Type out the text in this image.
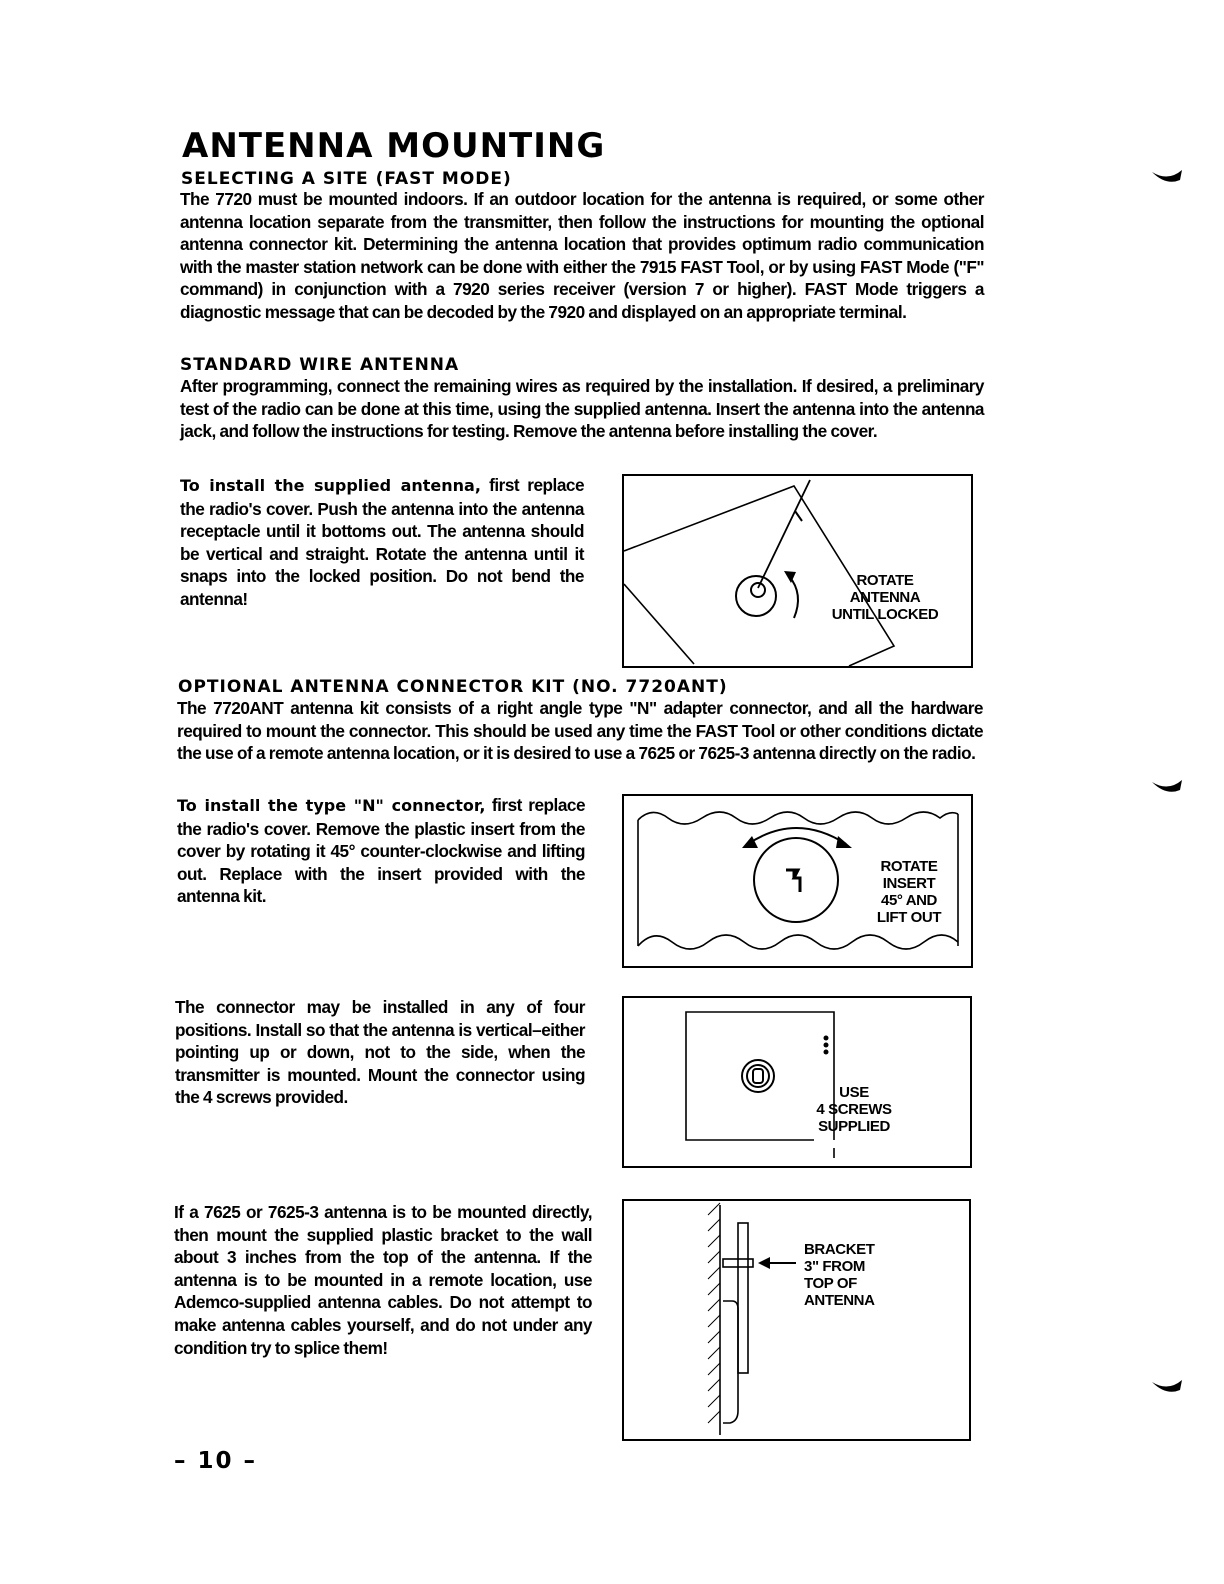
ANTENNA MOUNTING
SELECTING A SITE (FAST MODE)
The 7720 must be mounted indoors. If an outdoor location for the antenna is required, or some other antenna location separate from the transmitter, then follow the instructions for mounting the optional antenna connector kit. Determining the antenna location that provides optimum radio communication with the master station network can be done with either the 7915 FAST Tool, or by using FAST Mode ("F" command) in conjunction with a 7920 series receiver (version 7 or higher). FAST Mode triggers a diagnostic message that can be decoded by the 7920 and displayed on an appropriate terminal.
STANDARD WIRE ANTENNA
After programming, connect the remaining wires as required by the installation. If desired, a preliminary test of the radio can be done at this time, using the supplied antenna. Insert the antenna into the antenna jack, and follow the instructions for testing. Remove the antenna before installing the cover.
To install the supplied antenna, first replace the radio's cover. Push the antenna into the antenna receptacle until it bottoms out. The antenna should be vertical and straight. Rotate the antenna until it snaps into the locked position. Do not bend the antenna!
ROTATE
ANTENNA
UNTIL LOCKED
OPTIONAL ANTENNA CONNECTOR KIT (NO. 7720ANT)
The 7720ANT antenna kit consists of a right angle type "N" adapter connector, and all the hardware required to mount the connector. This should be used any time the FAST Tool or other conditions dictate the use of a remote antenna location, or it is desired to use a 7625 or 7625-3 antenna directly on the radio.
To install the type "N" connector, first replace the radio's cover. Remove the plastic insert from the cover by rotating it 45° counter-clockwise and lifting out. Replace with the insert provided with the antenna kit.
ROTATE
INSERT
45° AND
LIFT OUT
The connector may be installed in any of four positions. Install so that the antenna is vertical–either pointing up or down, not to the side, when the transmitter is mounted. Mount the connector using the 4 screws provided.	USE
4 SCREWS
SUPPLIED
If a 7625 or 7625-3 antenna is to be mounted directly, then mount the supplied plastic bracket to the wall about 3 inches from the top of the antenna. If the antenna is to be mounted in a remote location, use Ademco-supplied antenna cables. Do not attempt to make antenna cables yourself, and do not under any condition try to splice them!
BRACKET
3" FROM
TOP OF
ANTENNA
– 10 –
